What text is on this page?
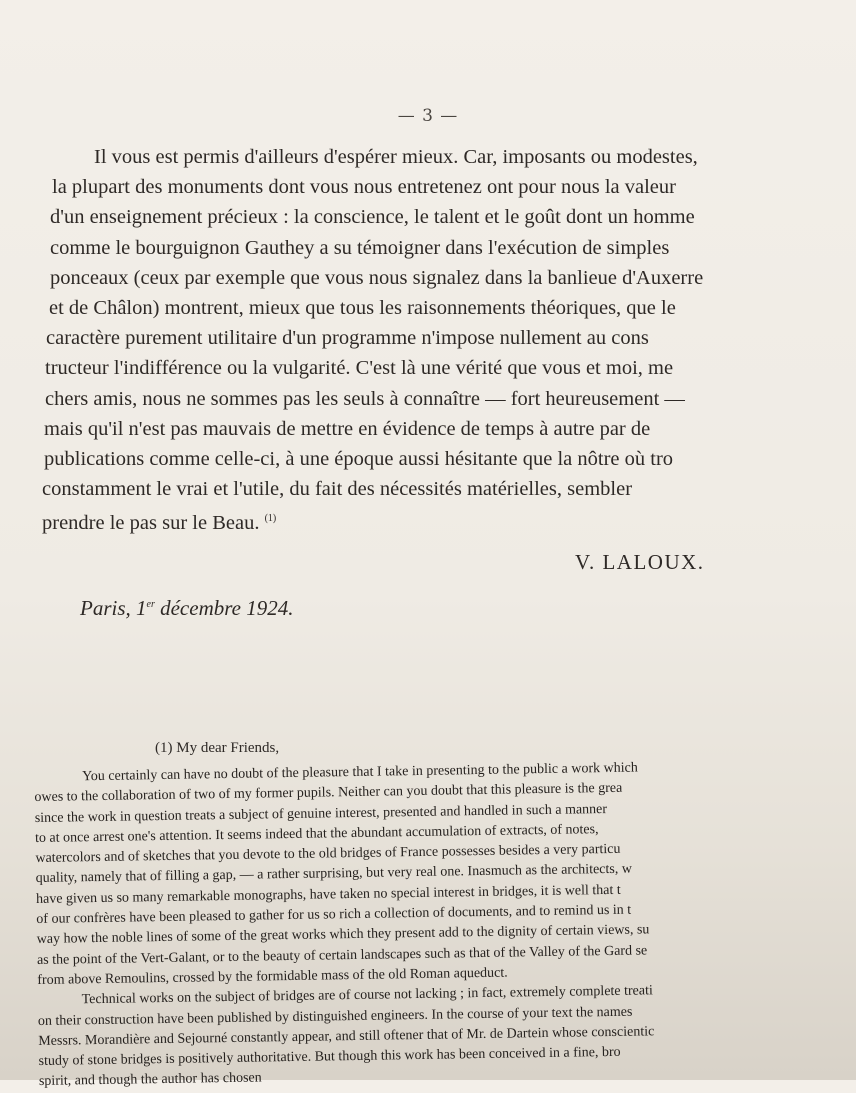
— 3 —
Il vous est permis d'ailleurs d'espérer mieux. Car, imposants ou modestes,
la plupart des monuments dont vous nous entretenez ont pour nous la valeur
d'un enseignement précieux : la conscience, le talent et le goût dont un homme
comme le bourguignon Gauthey a su témoigner dans l'exécution de simples
ponceaux (ceux par exemple que vous nous signalez dans la banlieue d'Auxerre
et de Châlon) montrent, mieux que tous les raisonnements théoriques, que le
caractère purement utilitaire d'un programme n'impose nullement au cons
tructeur l'indifférence ou la vulgarité. C'est là une vérité que vous et moi, me
chers amis, nous ne sommes pas les seuls à connaître — fort heureusement —
mais qu'il n'est pas mauvais de mettre en évidence de temps à autre par de
publications comme celle-ci, à une époque aussi hésitante que la nôtre où tro
constamment le vrai et l'utile, du fait des nécessités matérielles, sembler
prendre le pas sur le Beau. $^{(1)}$
V. LALOUX.
Paris, 1er décembre 1924.
(1) My dear Friends,
You certainly can have no doubt of the pleasure that I take in presenting to the public a work which
owes to the collaboration of two of my former pupils. Neither can you doubt that this pleasure is the grea
since the work in question treats a subject of genuine interest, presented and handled in such a manner
to at once arrest one's attention. It seems indeed that the abundant accumulation of extracts, of notes,
watercolors and of sketches that you devote to the old bridges of France possesses besides a very particu
quality, namely that of filling a gap, — a rather surprising, but very real one. Inasmuch as the architects, w
have given us so many remarkable monographs, have taken no special interest in bridges, it is well that t
of our confrères have been pleased to gather for us so rich a collection of documents, and to remind us in t
way how the noble lines of some of the great works which they present add to the dignity of certain views, su
as the point of the Vert-Galant, or to the beauty of certain landscapes such as that of the Valley of the Gard se
from above Remoulins, crossed by the formidable mass of the old Roman aqueduct.
Technical works on the subject of bridges are of course not lacking ; in fact, extremely complete treati
on their construction have been published by distinguished engineers. In the course of your text the names
Messrs. Morandière and Sejourné constantly appear, and still oftener that of Mr. de Dartein whose conscientic
study of stone bridges is positively authoritative. But though this work has been conceived in a fine, bro
spirit, and though the author has chosen
